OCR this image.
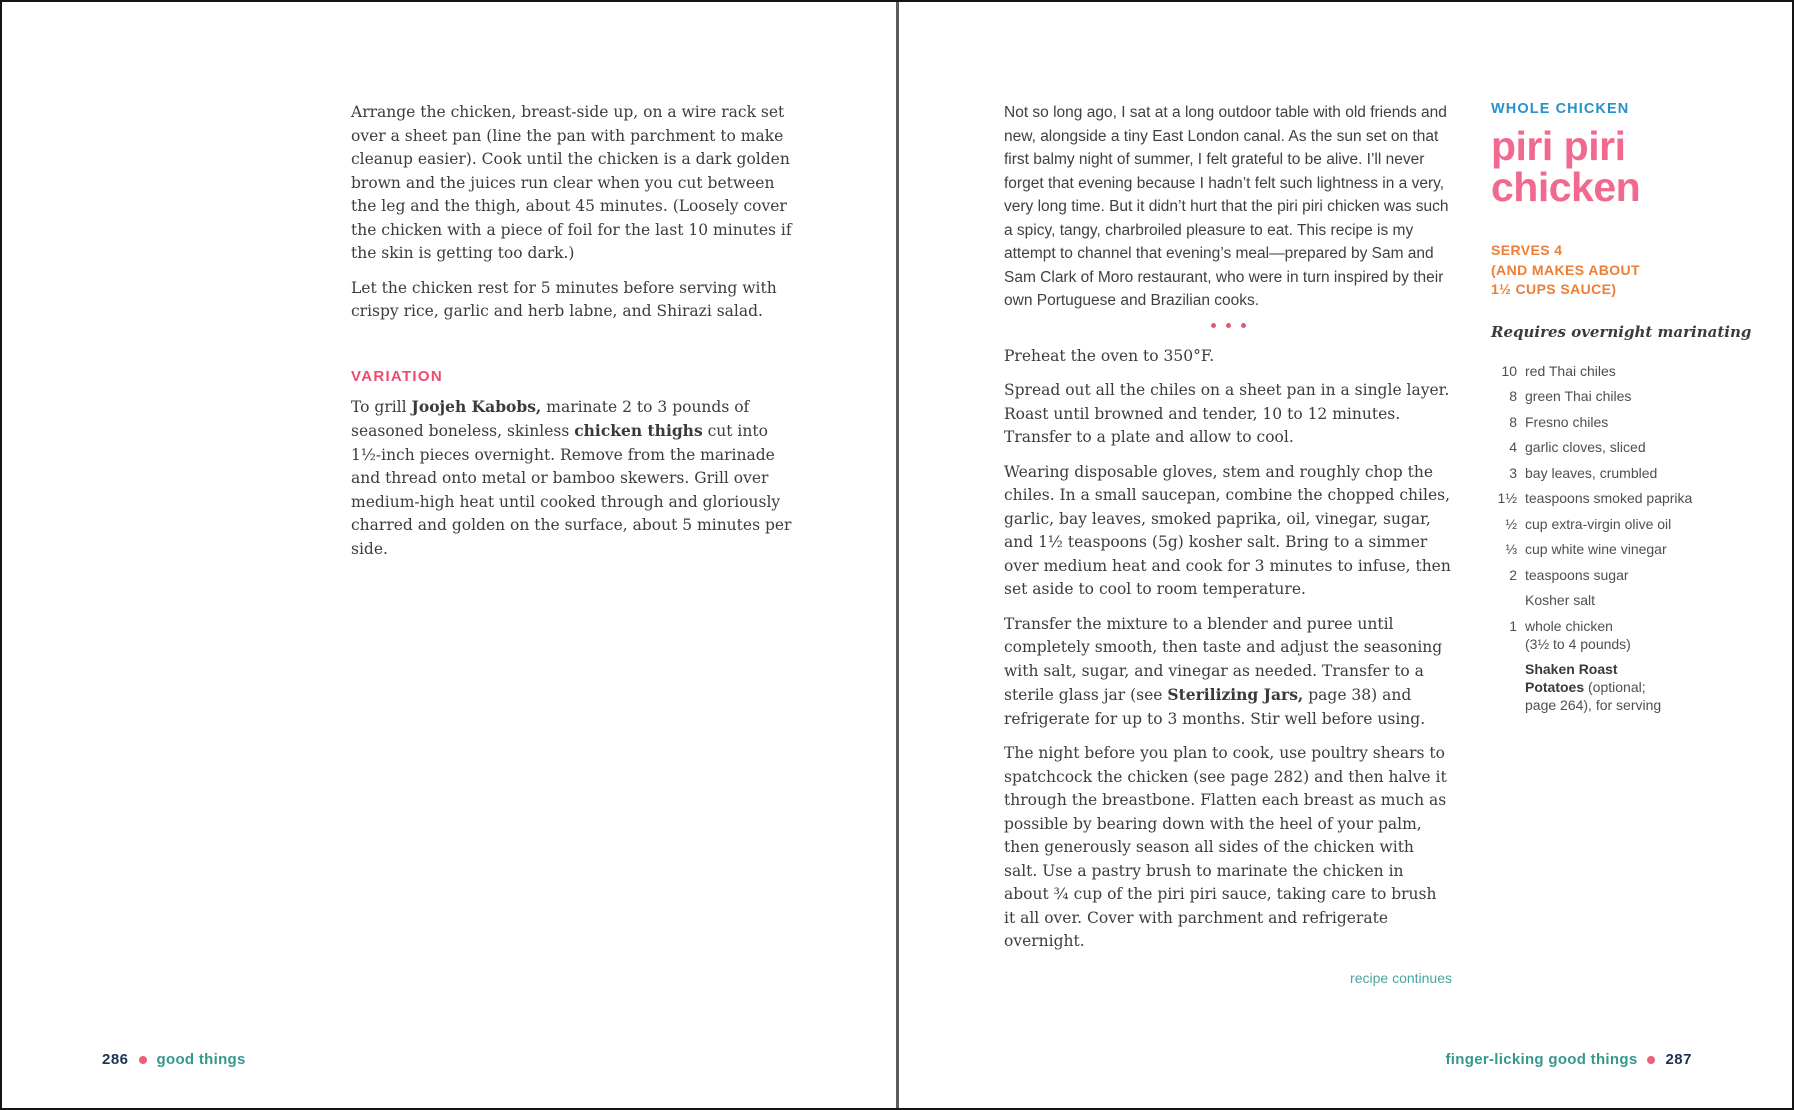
Arrange the chicken, breast-side up, on a wire rack set over a sheet pan (line the pan with parchment to make cleanup easier). Cook until the chicken is a dark golden brown and the juices run clear when you cut between the leg and the thigh, about 45 minutes. (Loosely cover the chicken with a piece of foil for the last 10 minutes if the skin is getting too dark.)

Let the chicken rest for 5 minutes before serving with crispy rice, garlic and herb labne, and Shirazi salad.

VARIATION

To grill Joojeh Kabobs, marinate 2 to 3 pounds of seasoned boneless, skinless chicken thighs cut into 1½-inch pieces overnight. Remove from the marinade and thread onto metal or bamboo skewers. Grill over medium-high heat until cooked through and gloriously charred and golden on the surface, about 5 minutes per side.

286 good things

Not so long ago, I sat at a long outdoor table with old friends and new, alongside a tiny East London canal. As the sun set on that first balmy night of summer, I felt grateful to be alive. I’ll never forget that evening because I hadn’t felt such lightness in a very, very long time. But it didn’t hurt that the piri piri chicken was such a spicy, tangy, charbroiled pleasure to eat. This recipe is my attempt to channel that evening’s meal—prepared by Sam and Sam Clark of Moro restaurant, who were in turn inspired by their own Portuguese and Brazilian cooks.

Preheat the oven to 350°F.

Spread out all the chiles on a sheet pan in a single layer. Roast until browned and tender, 10 to 12 minutes. Transfer to a plate and allow to cool.

Wearing disposable gloves, stem and roughly chop the chiles. In a small saucepan, combine the chopped chiles, garlic, bay leaves, smoked paprika, oil, vinegar, sugar, and 1½ teaspoons (5g) kosher salt. Bring to a simmer over medium heat and cook for 3 minutes to infuse, then set aside to cool to room temperature.

Transfer the mixture to a blender and puree until completely smooth, then taste and adjust the seasoning with salt, sugar, and vinegar as needed. Transfer to a sterile glass jar (see Sterilizing Jars, page 38) and refrigerate for up to 3 months. Stir well before using.

The night before you plan to cook, use poultry shears to spatchcock the chicken (see page 282) and then halve it through the breastbone. Flatten each breast as much as possible by bearing down with the heel of your palm, then generously season all sides of the chicken with salt. Use a pastry brush to marinate the chicken in about ¾ cup of the piri piri sauce, taking care to brush it all over. Cover with parchment and refrigerate overnight.

recipe continues
WHOLE CHICKEN
piri piri chicken
SERVES 4
(AND MAKES ABOUT
1½ CUPS SAUCE)
Requires overnight marinating
10 red Thai chiles
8 green Thai chiles
8 Fresno chiles
4 garlic cloves, sliced
3 bay leaves, crumbled
1½ teaspoons smoked paprika
½ cup extra-virgin olive oil
⅓ cup white wine vinegar
2 teaspoons sugar
Kosher salt
1 whole chicken
(3½ to 4 pounds)
Shaken Roast
Potatoes (optional;
page 264), for serving
finger-licking good things 287
